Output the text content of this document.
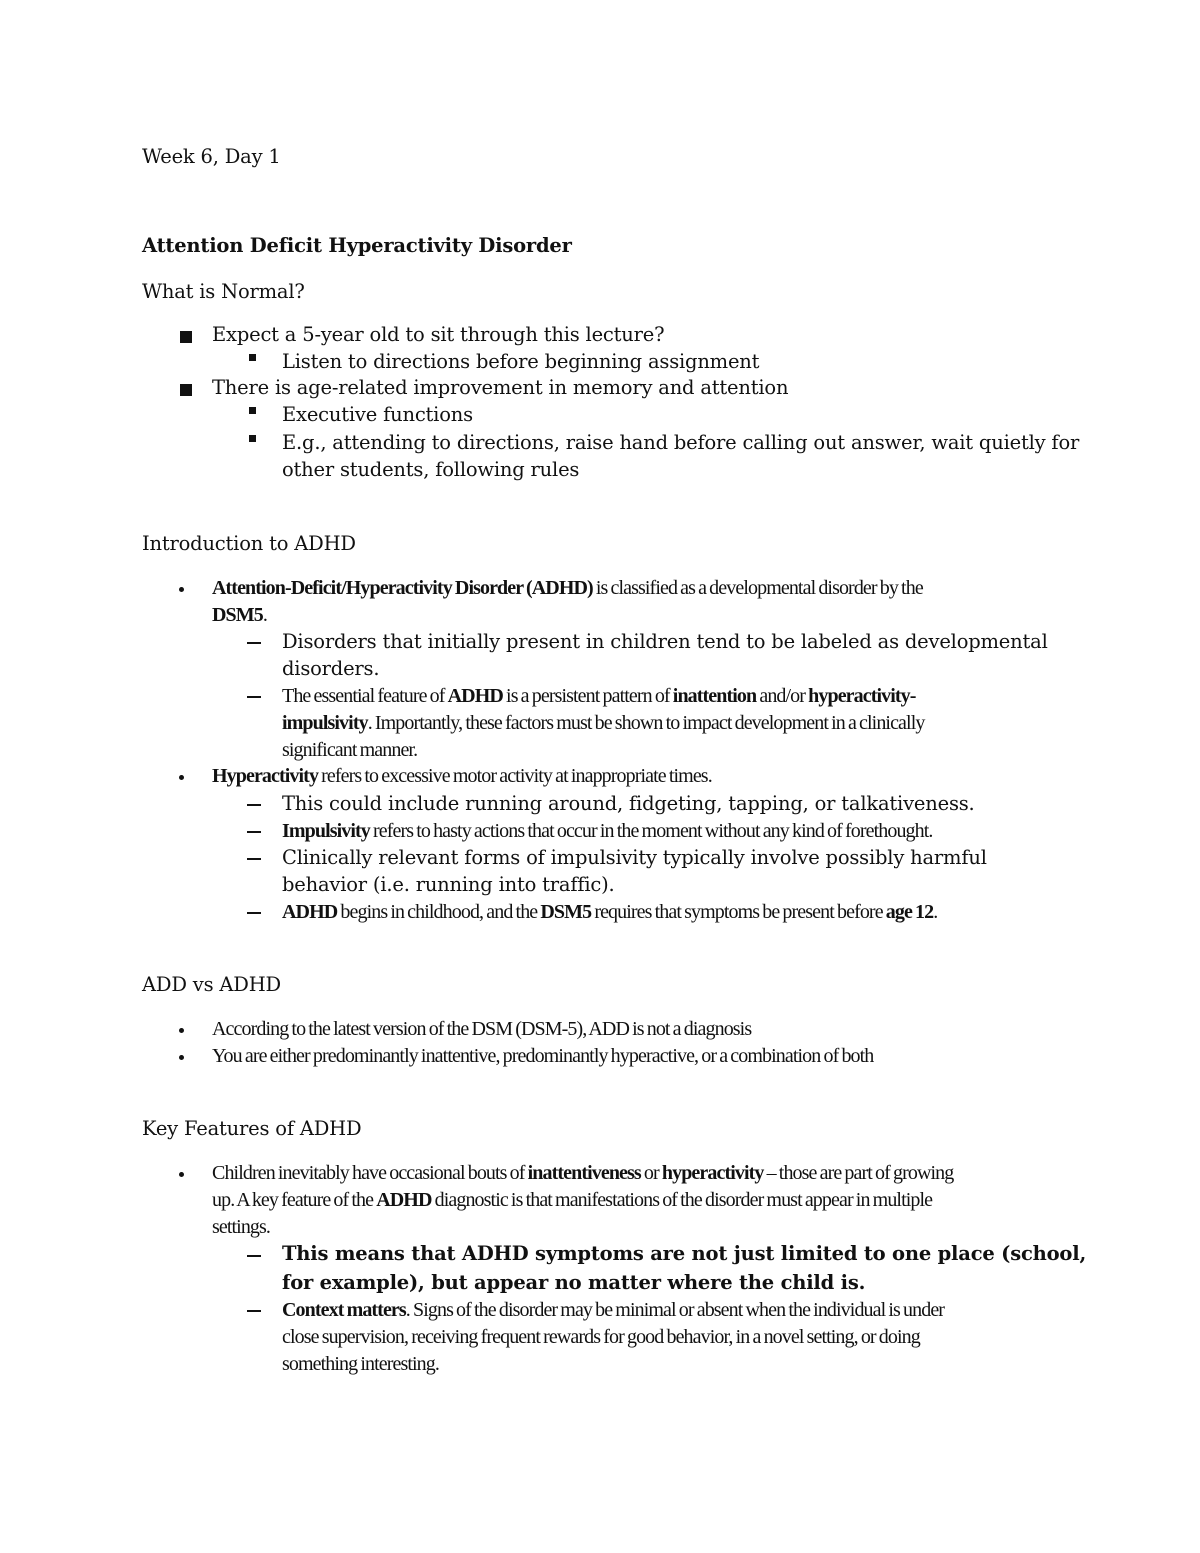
Week 6, Day 1
Attention Deficit Hyperactivity Disorder
What is Normal?
Expect a 5-year old to sit through this lecture?
Listen to directions before beginning assignment
There is age-related improvement in memory and attention
Executive functions
E.g., attending to directions, raise hand before calling out answer, wait quietly for
other students, following rules
Introduction to ADHD
Attention-Deficit/Hyperactivity Disorder (ADHD) is classified as a developmental disorder by the
DSM5.
Disorders that initially present in children tend to be labeled as developmental
disorders.
The essential feature of ADHD is a persistent pattern of inattention and/or hyperactivity-
impulsivity. Importantly, these factors must be shown to impact development in a clinically
significant manner.
Hyperactivity refers to excessive motor activity at inappropriate times.
This could include running around, fidgeting, tapping, or talkativeness.
Impulsivity refers to hasty actions that occur in the moment without any kind of forethought.
Clinically relevant forms of impulsivity typically involve possibly harmful
behavior (i.e. running into traffic).
ADHD begins in childhood, and the DSM5 requires that symptoms be present before age 12.
ADD vs ADHD
According to the latest version of the DSM (DSM-5), ADD is not a diagnosis
You are either predominantly inattentive, predominantly hyperactive, or a combination of both
Key Features of ADHD
Children inevitably have occasional bouts of inattentiveness or hyperactivity – those are part of growing
up. A key feature of the ADHD diagnostic is that manifestations of the disorder must appear in multiple
settings.
This means that ADHD symptoms are not just limited to one place (school,
for example), but appear no matter where the child is.
Context matters. Signs of the disorder may be minimal or absent when the individual is under
close supervision, receiving frequent rewards for good behavior, in a novel setting, or doing
something interesting.
